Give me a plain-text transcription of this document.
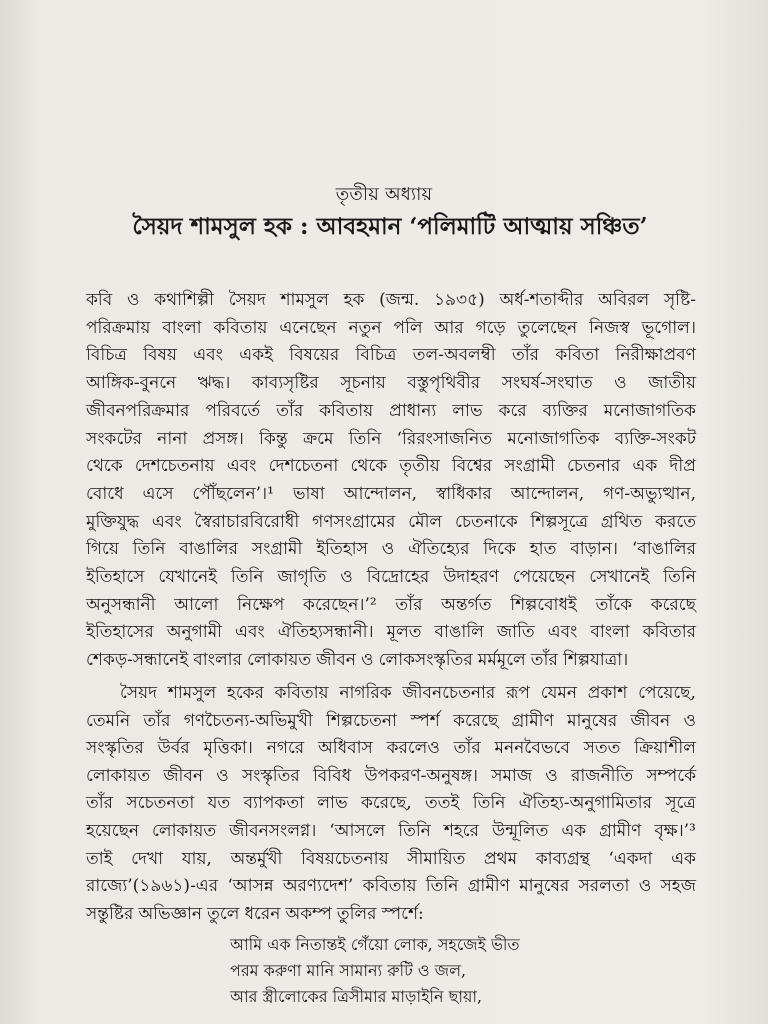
তৃতীয় অধ্যায়
সৈয়দ শামসুল হক : আবহমান ‘পলিমাটি আত্মায় সঞ্চিত’
কবি ও কথাশিল্পী সৈয়দ শামসুল হক (জন্ম. ১৯৩৫) অর্ধ-শতাব্দীর অবিরল সৃষ্টি-
পরিক্রমায় বাংলা কবিতায় এনেছেন নতুন পলি আর গড়ে তুলেছেন নিজস্ব ভূগোল।
বিচিত্র বিষয় এবং একই বিষয়ের বিচিত্র তল-অবলম্বী তাঁর কবিতা নিরীক্ষাপ্রবণ
আঙ্গিক-বুননে ঋদ্ধ। কাব্যসৃষ্টির সূচনায় বস্তুপৃথিবীর সংঘর্ষ-সংঘাত ও জাতীয়
জীবনপরিক্রমার পরিবর্তে তাঁর কবিতায় প্রাধান্য লাভ করে ব্যক্তির মনোজাগতিক
সংকটের নানা প্রসঙ্গ। কিন্তু ক্রমে তিনি ‘রিরংসাজনিত মনোজাগতিক ব্যক্তি-সংকট
থেকে দেশচেতনায় এবং দেশচেতনা থেকে তৃতীয় বিশ্বের সংগ্রামী চেতনার এক দীপ্র
বোধে এসে পৌঁছলেন’।¹ ভাষা আন্দোলন, স্বাধিকার আন্দোলন, গণ-অভ্যুত্থান,
মুক্তিযুদ্ধ এবং স্বৈরাচারবিরোধী গণসংগ্রামের মৌল চেতনাকে শিল্পসূত্রে গ্রথিত করতে
গিয়ে তিনি বাঙালির সংগ্রামী ইতিহাস ও ঐতিহ্যের দিকে হাত বাড়ান। ‘বাঙালির
ইতিহাসে যেখানেই তিনি জাগৃতি ও বিদ্রোহের উদাহরণ পেয়েছেন সেখানেই তিনি
অনুসন্ধানী আলো নিক্ষেপ করেছেন।’² তাঁর অন্তর্গত শিল্পবোধই তাঁকে করেছে
ইতিহাসের অনুগামী এবং ঐতিহ্যসন্ধানী। মূলত বাঙালি জাতি এবং বাংলা কবিতার
শেকড়-সন্ধানেই বাংলার লোকায়ত জীবন ও লোকসংস্কৃতির মর্মমূলে তাঁর শিল্পযাত্রা।
সৈয়দ শামসুল হকের কবিতায় নাগরিক জীবনচেতনার রূপ যেমন প্রকাশ পেয়েছে,
তেমনি তাঁর গণচৈতন্য-অভিমুখী শিল্পচেতনা স্পর্শ করেছে গ্রামীণ মানুষের জীবন ও
সংস্কৃতির উর্বর মৃত্তিকা। নগরে অধিবাস করলেও তাঁর মননবৈভবে সতত ক্রিয়াশীল
লোকায়ত জীবন ও সংস্কৃতির বিবিধ উপকরণ-অনুষঙ্গ। সমাজ ও রাজনীতি সম্পর্কে
তাঁর সচেতনতা যত ব্যাপকতা লাভ করেছে, ততই তিনি ঐতিহ্য-অনুগামিতার সূত্রে
হয়েছেন লোকায়ত জীবনসংলগ্ন। ‘আসলে তিনি শহরে উন্মূলিত এক গ্রামীণ বৃক্ষ।’³
তাই দেখা যায়, অন্তর্মুখী বিষয়চেতনায় সীমায়িত প্রথম কাব্যগ্রন্থ ‘একদা এক
রাজ্যে’(১৯৬১)-এর ‘আসন্ন অরণ্যদেশ’ কবিতায় তিনি গ্রামীণ মানুষের সরলতা ও সহজ
সন্তুষ্টির অভিজ্ঞান তুলে ধরেন অকম্প তুলির স্পর্শে:
আমি এক নিতান্তই গেঁয়ো লোক, সহজেই ভীত
পরম করুণা মানি সামান্য রুটি ও জল,
আর স্ত্রীলোকের ত্রিসীমার মাড়াইনি ছায়া,
